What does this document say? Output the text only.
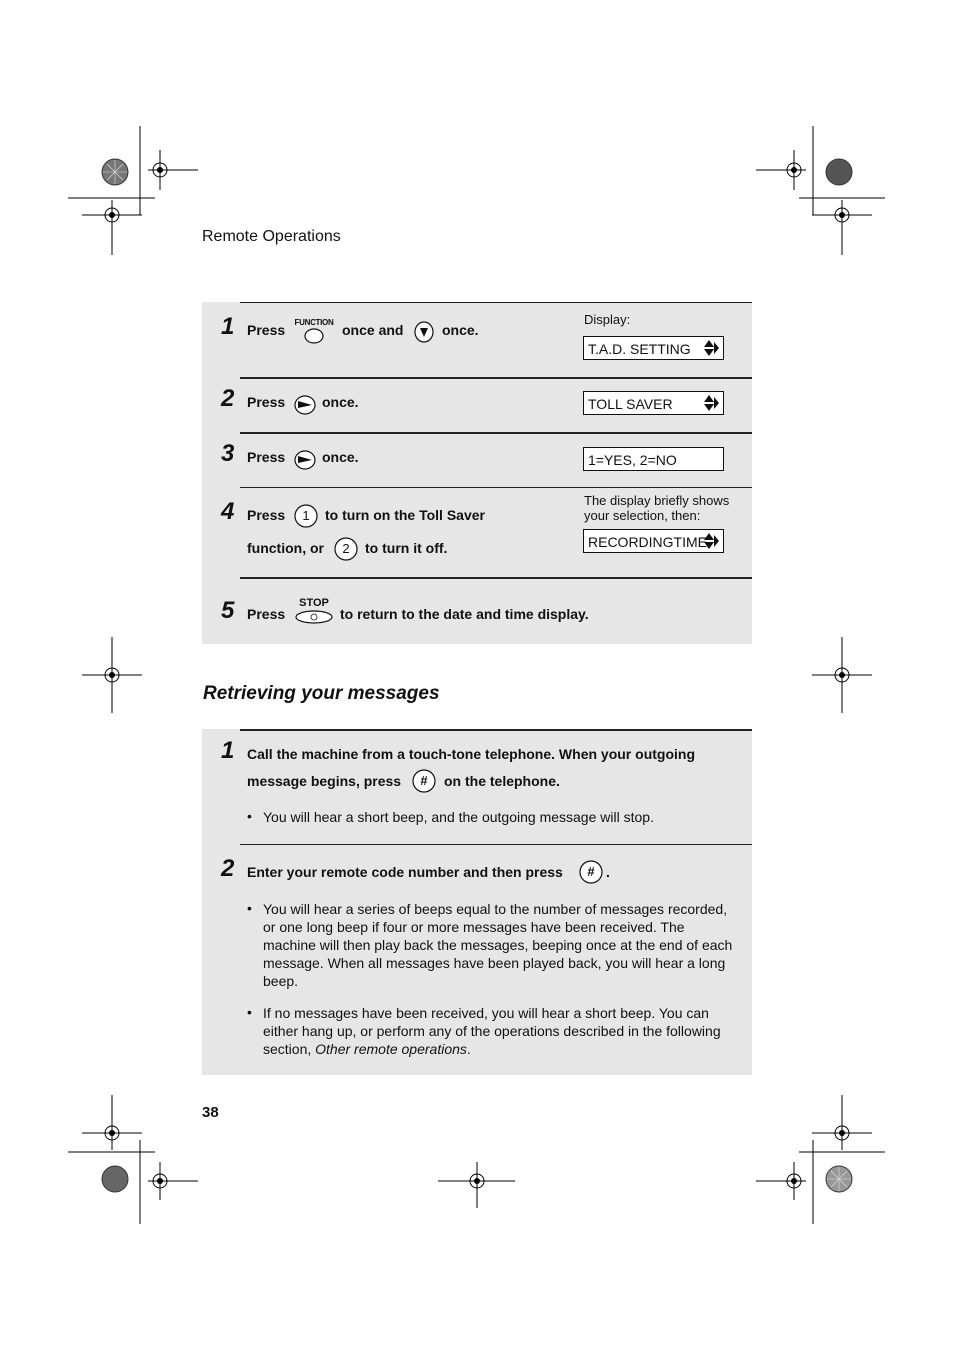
Remote Operations
1 Press FUNCTION once and	once.
Display:
T.A.D. SETTING
2 Press	once.	TOLL SAVER
3 Press	once.	1=YES, 2=NO
4 Press	1	to turn on the Toll Saver
function, or	2	to turn it off.
The display briefly shows
your selection, then:
RECORDINGTIME
5 Press
STOP
to return to the date and time display.
Retrieving your messages
1 Call the machine from a touch-tone telephone. When your outgoing
message begins, press	#	on the telephone.
• You will hear a short beep, and the outgoing message will stop.
2 Enter your remote code number and then press	# .
• You will hear a series of beeps equal to the number of messages recorded, or one long beep if four or more messages have been received. The machine will then play back the messages, beeping once at the end of each message. When all messages have been played back, you will hear a long beep.
• If no messages have been received, you will hear a short beep. You can either hang up, or perform any of the operations described in the following section, Other remote operations.
38
